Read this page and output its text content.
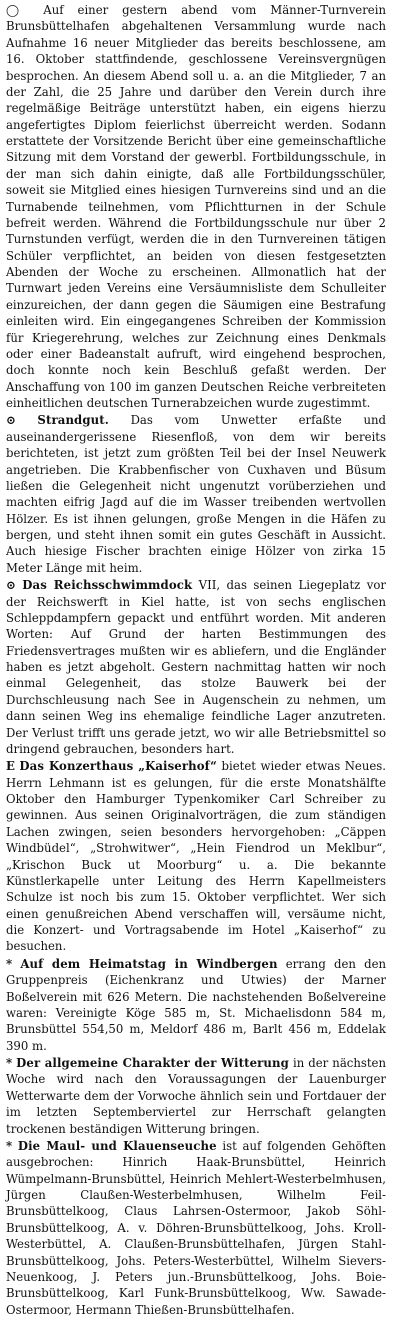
◯ Auf einer gestern abend vom Männer-Turnverein Brunsbüttelhafen abgehaltenen Versammlung wurde nach Aufnahme 16 neuer Mitglieder das bereits beschlossene, am 16. Oktober stattfindende, geschlossene Vereinsvergnügen besprochen. An diesem Abend soll u. a. an die Mitglieder, 7 an der Zahl, die 25 Jahre und darüber den Verein durch ihre regelmäßige Beiträge unterstützt haben, ein eigens hierzu angefertigtes Diplom feierlichst überreicht werden. Sodann erstattete der Vorsitzende Bericht über eine gemeinschaftliche Sitzung mit dem Vorstand der gewerbl. Fortbildungsschule, in der man sich dahin einigte, daß alle Fortbildungsschüler, soweit sie Mitglied eines hiesigen Turnvereins sind und an die Turnabende teilnehmen, vom Pflichtturnen in der Schule befreit werden. Während die Fortbildungsschule nur über 2 Turnstunden verfügt, werden die in den Turnvereinen tätigen Schüler verpflichtet, an beiden von diesen festgesetzten Abenden der Woche zu erscheinen. Allmonatlich hat der Turnwart jeden Vereins eine Versäumnisliste dem Schulleiter einzureichen, der dann gegen die Säumigen eine Bestrafung einleiten wird. Ein eingegangenes Schreiben der Kommission für Kriegerehrung, welches zur Zeichnung eines Denkmals oder einer Badeanstalt aufruft, wird eingehend besprochen, doch konnte noch kein Beschluß gefaßt werden. Der Anschaffung von 100 im ganzen Deutschen Reiche verbreiteten einheitlichen deutschen Turnerabzeichen wurde zugestimmt.

⊙ Strandgut. Das vom Unwetter erfaßte und auseinandergerissene Riesenfloß, von dem wir bereits berichteten, ist jetzt zum größten Teil bei der Insel Neuwerk angetrieben. Die Krabbenfischer von Cuxhaven und Büsum ließen die Gelegenheit nicht ungenutzt vorüberziehen und machten eifrig Jagd auf die im Wasser treibenden wertvollen Hölzer. Es ist ihnen gelungen, große Mengen in die Häfen zu bergen, und steht ihnen somit ein gutes Geschäft in Aussicht. Auch hiesige Fischer brachten einige Hölzer von zirka 15 Meter Länge mit heim.

⊙ Das Reichsschwimmdock VII, das seinen Liegeplatz vor der Reichswerft in Kiel hatte, ist von sechs englischen Schleppdampfern gepackt und entführt worden. Mit anderen Worten: Auf Grund der harten Bestimmungen des Friedensvertrages mußten wir es abliefern, und die Engländer haben es jetzt abgeholt. Gestern nachmittag hatten wir noch einmal Gelegenheit, das stolze Bauwerk bei der Durchschleusung nach See in Augenschein zu nehmen, um dann seinen Weg ins ehemalige feindliche Lager anzutreten. Der Verlust trifft uns gerade jetzt, wo wir alle Betriebsmittel so dringend gebrauchen, besonders hart.

E Das Konzerthaus „Kaiserhof“ bietet wieder etwas Neues. Herrn Lehmann ist es gelungen, für die erste Monatshälfte Oktober den Hamburger Typenkomiker Carl Schreiber zu gewinnen. Aus seinen Originalvorträgen, die zum ständigen Lachen zwingen, seien besonders hervorgehoben: „Cäppen Windbüdel“, „Strohwitwer“, „Hein Fiendrod un Meklbur“, „Krischon Buck ut Moorburg“ u. a. Die bekannte Künstlerkapelle unter Leitung des Herrn Kapellmeisters Schulze ist noch bis zum 15. Oktober verpflichtet. Wer sich einen genußreichen Abend verschaffen will, versäume nicht, die Konzert- und Vortragsabende im Hotel „Kaiserhof“ zu besuchen.

* Auf dem Heimatstag in Windbergen errang den den Gruppenpreis (Eichenkranz und Utwies) der Marner Boßelverein mit 626 Metern. Die nachstehenden Boßelvereine waren: Vereinigte Köge 585 m, St. Michaelisdonn 584 m, Brunsbüttel 554,50 m, Meldorf 486 m, Barlt 456 m, Eddelak 390 m.

* Der allgemeine Charakter der Witterung in der nächsten Woche wird nach den Voraussagungen der Lauenburger Wetterwarte dem der Vorwoche ähnlich sein und Fortdauer der im letzten Septemberviertel zur Herrschaft gelangten trockenen beständigen Witterung bringen.

* Die Maul- und Klauenseuche ist auf folgenden Gehöften ausgebrochen: Hinrich Haak-Brunsbüttel, Heinrich Wümpelmann-Brunsbüttel, Heinrich Mehlert-Westerbelmhusen, Jürgen Claußen-Westerbelmhusen, Wilhelm Feil-Brunsbüttelkoog, Claus Lahrsen-Ostermoor, Jakob Söhl-Brunsbüttelkoog, A. v. Döhren-Brunsbüttelkoog, Johs. Kroll-Westerbüttel, A. Claußen-Brunsbüttelhafen, Jürgen Stahl-Brunsbüttelkoog, Johs. Peters-Westerbüttel, Wilhelm Sievers-Neuenkoog, J. Peters jun.-Brunsbüttelkoog, Johs. Boie-Brunsbüttelkoog, Karl Funk-Brunsbüttelkoog, Ww. Sawade-Ostermoor, Hermann Thießen-Brunsbüttelhafen.
